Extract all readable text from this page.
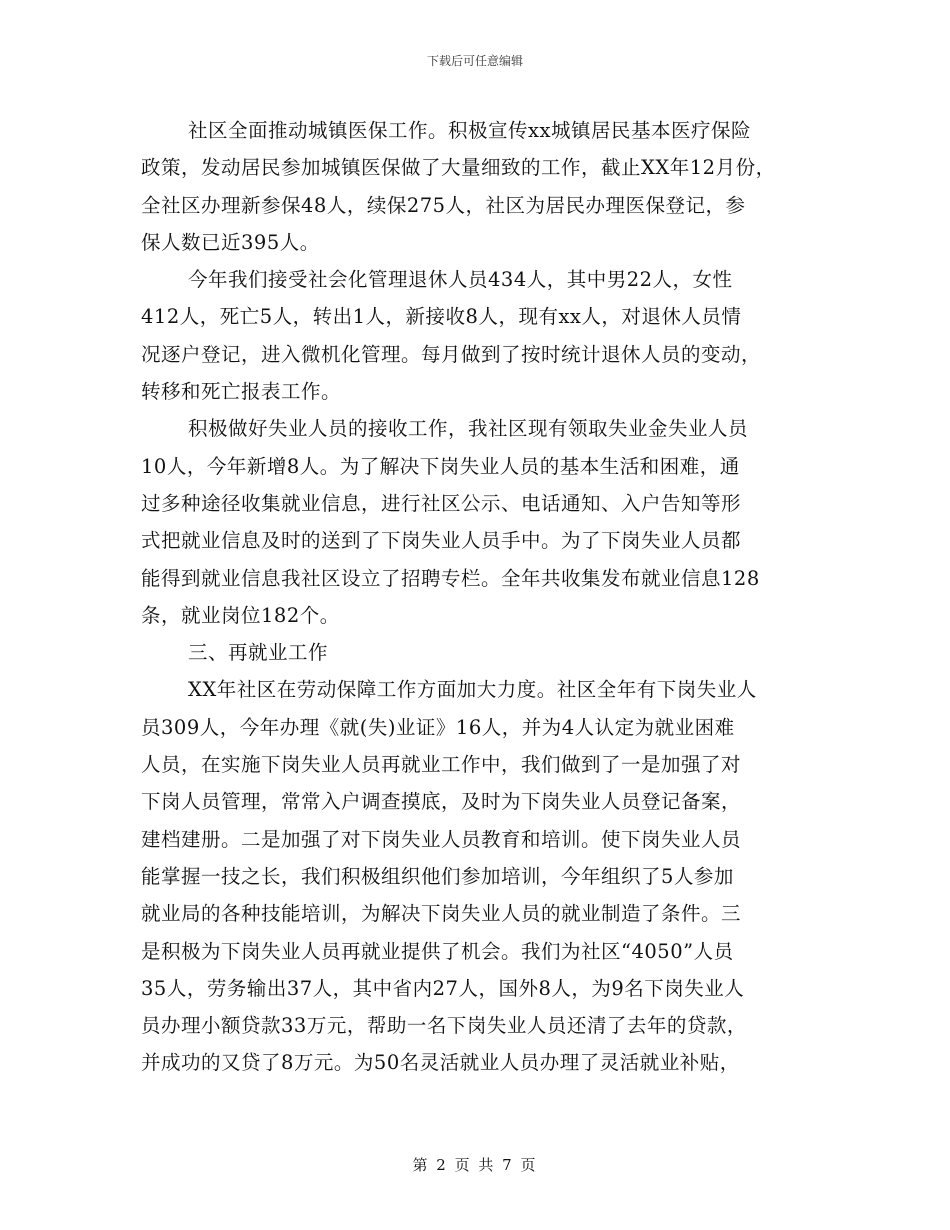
下载后可任意编辑
社区全面推动城镇医保工作。积极宣传xx城镇居民基本医疗保险
政策，发动居民参加城镇医保做了大量细致的工作，截止XX年12月份，
全社区办理新参保48人，续保275人，社区为居民办理医保登记，参
保人数已近395人。
今年我们接受社会化管理退休人员434人，其中男22人，女性
412人，死亡5人，转出1人，新接收8人，现有xx人，对退休人员情
况逐户登记，进入微机化管理。每月做到了按时统计退休人员的变动，
转移和死亡报表工作。
积极做好失业人员的接收工作，我社区现有领取失业金失业人员
10人，今年新增8人。为了解决下岗失业人员的基本生活和困难，通
过多种途径收集就业信息，进行社区公示、电话通知、入户告知等形
式把就业信息及时的送到了下岗失业人员手中。为了下岗失业人员都
能得到就业信息我社区设立了招聘专栏。全年共收集发布就业信息128
条，就业岗位182个。
三、再就业工作
XX年社区在劳动保障工作方面加大力度。社区全年有下岗失业人
员309人，今年办理《就(失)业证》16人，并为4人认定为就业困难
人员，在实施下岗失业人员再就业工作中，我们做到了一是加强了对
下岗人员管理，常常入户调查摸底，及时为下岗失业人员登记备案，
建档建册。二是加强了对下岗失业人员教育和培训。使下岗失业人员
能掌握一技之长，我们积极组织他们参加培训，今年组织了5人参加
就业局的各种技能培训，为解决下岗失业人员的就业制造了条件。三
是积极为下岗失业人员再就业提供了机会。我们为社区“4050”人员
35人，劳务输出37人，其中省内27人，国外8人，为9名下岗失业人
员办理小额贷款33万元，帮助一名下岗失业人员还清了去年的贷款，
并成功的又贷了8万元。为50名灵活就业人员办理了灵活就业补贴，
第 2 页 共 7 页
